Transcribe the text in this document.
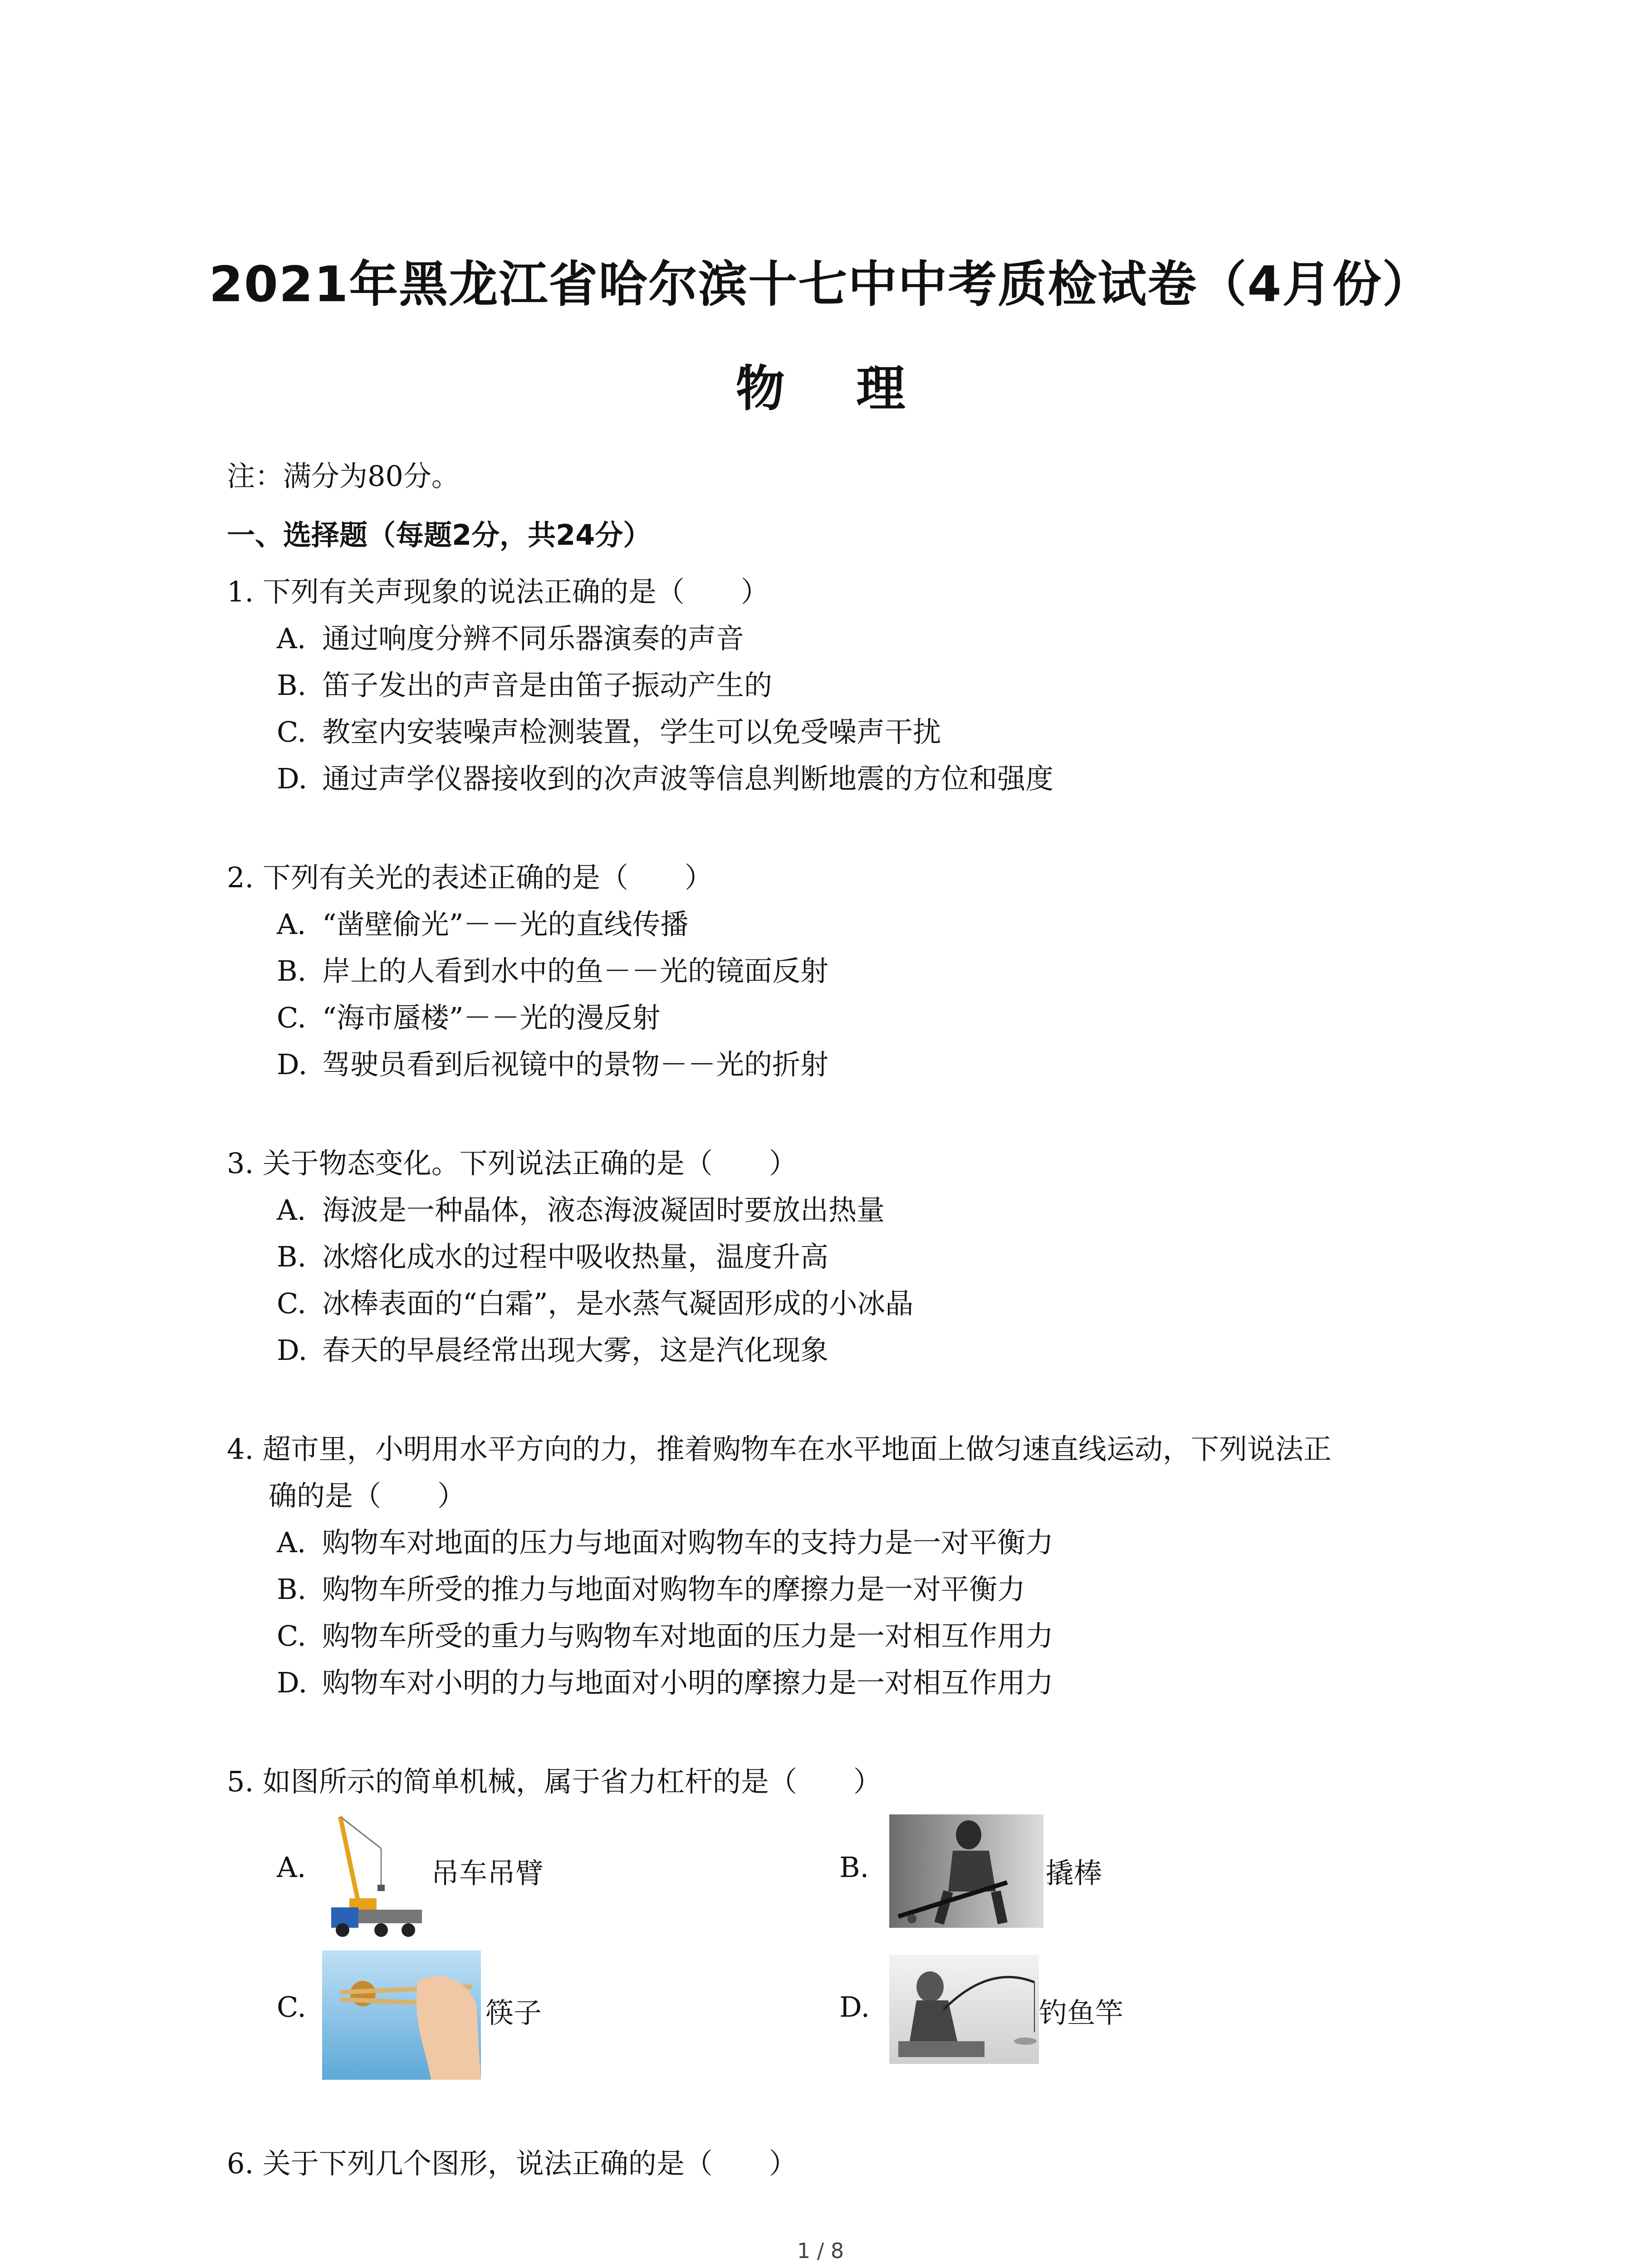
2021年黑龙江省哈尔滨十七中中考质检试卷（4月份）
物 理
注：满分为80分。
一、选择题（每题2分，共24分）
1. 下列有关声现象的说法正确的是（　　）
A. 通过响度分辨不同乐器演奏的声音
B. 笛子发出的声音是由笛子振动产生的
C. 教室内安装噪声检测装置，学生可以免受噪声干扰
D. 通过声学仪器接收到的次声波等信息判断地震的方位和强度
2. 下列有关光的表述正确的是（　　）
A. “凿壁偷光”－－光的直线传播
B. 岸上的人看到水中的鱼－－光的镜面反射
C. “海市蜃楼”－－光的漫反射
D. 驾驶员看到后视镜中的景物－－光的折射
3. 关于物态变化。下列说法正确的是（　　）
A. 海波是一种晶体，液态海波凝固时要放出热量
B. 冰熔化成水的过程中吸收热量，温度升高
C. 冰棒表面的“白霜”，是水蒸气凝固形成的小冰晶
D. 春天的早晨经常出现大雾，这是汽化现象
4. 超市里，小明用水平方向的力，推着购物车在水平地面上做匀速直线运动，下列说法正
确的是（　　）
A. 购物车对地面的压力与地面对购物车的支持力是一对平衡力
B. 购物车所受的推力与地面对购物车的摩擦力是一对平衡力
C. 购物车所受的重力与购物车对地面的压力是一对相互作用力
D. 购物车对小明的力与地面对小明的摩擦力是一对相互作用力
5. 如图所示的简单机械，属于省力杠杆的是（　　）
A.	吊车吊臂	B.	撬棒
C.	筷子	D.	钓鱼竿
6. 关于下列几个图形，说法正确的是（　　）
1 / 8
